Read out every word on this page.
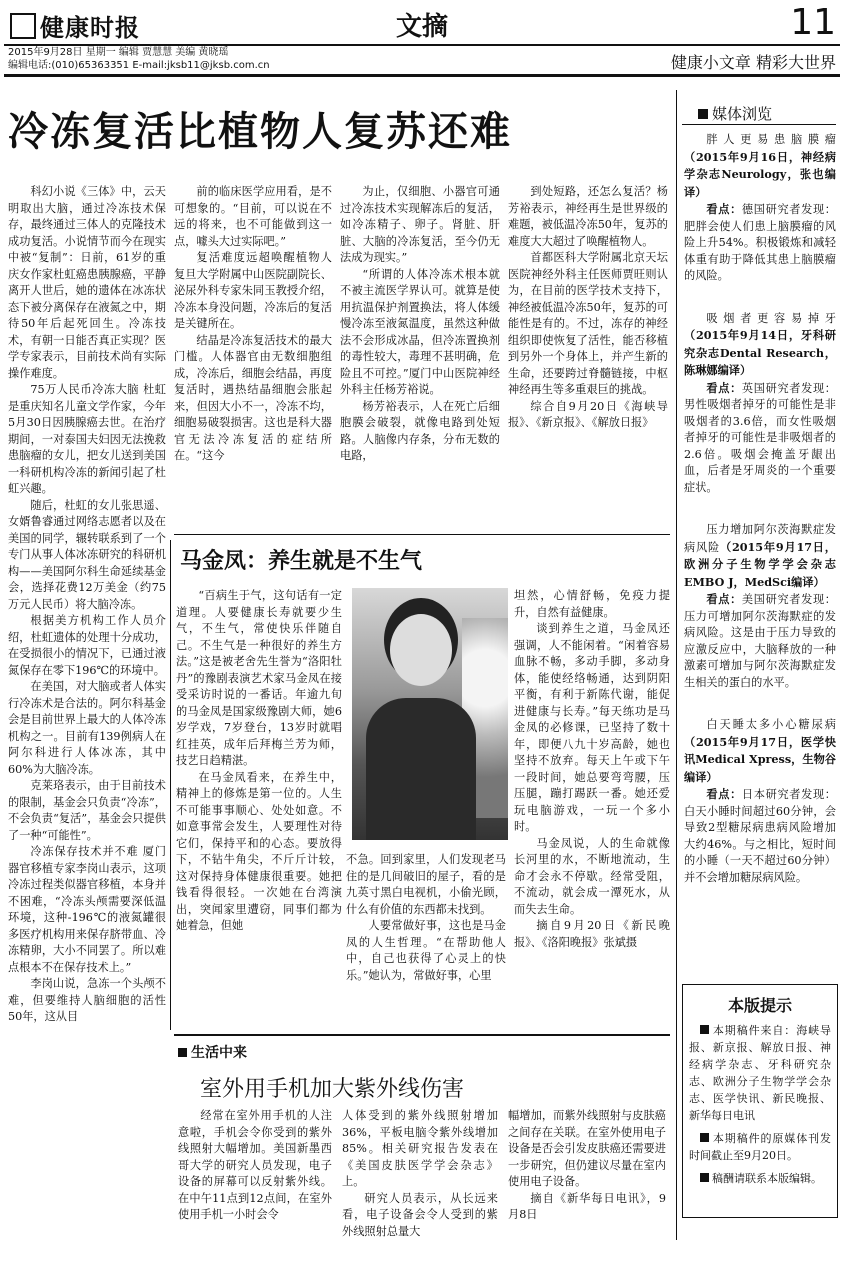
健康时报	文摘	11
2015年9月28日 星期一 编辑 贾慧慧 美编 黄晓瑶
编辑电话:(010)65363351 E-mail:jksb11@jksb.com.cn	健康小文章 精彩大世界
冷冻复活比植物人复苏还难

科幻小说《三体》中，云天明取出大脑，通过冷冻技术保存，最终通过三体人的克隆技术成功复活。小说情节而今在现实中被“复制”：日前，61岁的重庆女作家杜虹癌患胰腺癌，平静离开人世后，她的遗体在冰冻状态下被分离保存在液氮之中，期待50年后起死回生。冷冻技术，有朝一日能否真正实现？医学专家表示，目前技术尚有实际操作难度。

75万人民币冷冻大脑 杜虹是重庆知名儿童文学作家，今年5月30日因胰腺癌去世。在治疗期间，一对泰国夫妇因无法挽救患脑瘤的女儿，把女儿送到美国一科研机构冷冻的新闻引起了杜虹兴趣。

随后，杜虹的女儿张思遥、女婿鲁睿通过网络志愿者以及在美国的同学，辗转联系到了一个专门从事人体冰冻研究的科研机构——美国阿尔科生命延续基金会，选择花费12万美金（约75万元人民币）将大脑冷冻。

根据美方机构工作人员介绍，杜虹遗体的处理十分成功，在受损很小的情况下，已通过液氮保存在零下196℃的环境中。

在美国，对大脑或者人体实行冷冻术是合法的。阿尔科基金会是目前世界上最大的人体冷冻机构之一。目前有139例病人在阿尔科进行人体冰冻，其中60%为大脑冷冻。

克莱珞表示，由于目前技术的限制，基金会只负责“冷冻”，不会负责“复活”，基金会只提供了一种“可能性”。

冷冻保存技术并不难 厦门器官移植专家李岗山表示，这项冷冻过程类似器官移植，本身并不困难，“冷冻头颅需要深低温环境，这种-196℃的液氮罐很多医疗机构用来保存脐带血、冷冻精卵，大小不同罢了。所以难点根本不在保存技术上。”

李岗山说，急冻一个头颅不难，但要维持人脑细胞的活性50年，这从目

前的临床医学应用看，是不可想象的。“目前，可以说在不远的将来，也不可能做到这一点，噱头大过实际吧。”

复活难度远超唤醒植物人 复旦大学附属中山医院副院长、泌尿外科专家朱同玉教授介绍，冷冻本身没问题，冷冻后的复活是关键所在。

结晶是冷冻复活技术的最大门槛。人体器官由无数细胞组成，冷冻后，细胞会结晶，再度复活时，遇热结晶细胞会胀起来，但因大小不一，冷冻不均，细胞易破裂损害。这也是科大器官无法冷冻复活的症结所在。“这今

为止，仅细胞、小器官可通过冷冻技术实现解冻后的复活，如冷冻精子、卵子。肾脏、肝脏、大脑的冷冻复活，至今仍无法成为现实。”

“所谓的人体冷冻术根本就不被主流医学界认可。就算是使用抗温保护剂置换法，将人体缓慢冷冻至液氮温度，虽然这种做法不会形成冰晶，但冷冻置换剂的毒性较大，毒理不甚明确，危险且不可控。”厦门中山医院神经外科主任杨芳裕说。

杨芳裕表示，人在死亡后细胞膜会破裂，就像电路到处短路。人脑像内存条，分布无数的电路，

到处短路，还怎么复活？杨芳裕表示，神经再生是世界级的难题，被低温冷冻50年，复苏的难度大大超过了唤醒植物人。

首都医科大学附属北京天坛医院神经外科主任医师贾旺则认为，在目前的医学技术支持下，神经被低温冷冻50年，复苏的可能性是有的。不过，冻存的神经组织即使恢复了活性，能否移植到另外一个身体上，并产生新的生命，还要跨过脊髓链接，中枢神经再生等多重艰巨的挑战。

综合自9月20日《海峡导报》、《新京报》、《解放日报》

马金凤：养生就是不生气

“百病生于气，这句话有一定道理。人要健康长寿就要少生气，不生气，常使快乐伴随自己。不生气是一种很好的养生方法。”这是被老舍先生誉为“洛阳牡丹”的豫剧表演艺术家马金凤在接受采访时说的一番话。年逾九旬的马金凤是国家级豫剧大师，她6岁学戏，7岁登台，13岁时就唱红挂英，成年后拜梅兰芳为师，技艺日趋精湛。

在马金凤看来，在养生中，精神上的修炼是第一位的。人生不可能事事顺心、处处如意。不如意事常会发生，人要理性对待它们，保持平和的心态。要放得下，不钻牛角尖，不斤斤计较，这对保持身体健康很重要。她把钱看得很轻。一次她在台湾演出，突闻家里遭窃，同事们都为她着急，但她

不急。回到家里，人们发现老马住的是几间破旧的屋子，看的是九英寸黑白电视机，小偷光顾，什么有价值的东西都未找到。

人要常做好事，这也是马金凤的人生哲理。“在帮助他人中，自己也获得了心灵上的快乐。”她认为，常做好事，心里

坦然，心情舒畅，免疫力提升，自然有益健康。

谈到养生之道，马金凤还强调，人不能闲着。“闲着容易血脉不畅，多动手脚，多动身体，能使经络畅通，达到阴阳平衡，有利于新陈代谢，能促进健康与长寿。”每天练功是马金凤的必修课，已坚持了数十年，即便八九十岁高龄，她也坚持不放弃。每天上午或下午一段时间，她总要弯弯腰，压压腿，蹦打踢跃一番。她还爱玩电脑游戏，一玩一个多小时。

马金凤说，人的生命就像长河里的水，不断地流动，生命才会永不停歇。经常受阻，不流动，就会成一潭死水，从而失去生命。

摘自9月20日《新民晚报》、《洛阳晚报》张斌摄

生活中来
室外用手机加大紫外线伤害

经常在室外用手机的人注意啦，手机会令你受到的紫外线照射大幅增加。美国新墨西哥大学的研究人员发现，电子设备的屏幕可以反射紫外线。在中午11点到12点间，在室外使用手机一小时会令

人体受到的紫外线照射增加36%，平板电脑令紫外线增加85%。相关研究报告发表在《美国皮肤医学学会杂志》上。

研究人员表示，从长远来看，电子设备会令人受到的紫外线照射总量大

幅增加，而紫外线照射与皮肤癌之间存在关联。在室外使用电子设备是否会引发皮肤癌还需要进一步研究，但仍建议尽量在室内使用电子设备。

摘自《新华每日电讯》，9月8日

媒体浏览

胖人更易患脑膜瘤（2015年9月16日，神经病学杂志Neurology，张也编译）

看点：德国研究者发现：肥胖会使人们患上脑膜瘤的风险上升54%。积极锻炼和减轻体重有助于降低其患上脑膜瘤的风险。

吸烟者更容易掉牙（2015年9月14日，牙科研究杂志Dental Research，陈琳娜编译）

看点：英国研究者发现：男性吸烟者掉牙的可能性是非吸烟者的3.6倍，而女性吸烟者掉牙的可能性是非吸烟者的2.6倍。吸烟会掩盖牙龈出血，后者是牙周炎的一个重要症状。

压力增加阿尔茨海默症发病风险（2015年9月17日，欧洲分子生物学学会杂志EMBO J，MedSci编译）

看点：美国研究者发现：压力可增加阿尔茨海默症的发病风险。这是由于压力导致的应激反应中，大脑释放的一种激素可增加与阿尔茨海默症发生相关的蛋白的水平。

白天睡太多小心糖尿病（2015年9月17日，医学快讯Medical Xpress，生物谷编译）

看点：日本研究者发现：白天小睡时间超过60分钟，会导致2型糖尿病患病风险增加大约46%。与之相比，短时间的小睡（一天不超过60分钟）并不会增加糖尿病风险。

本版提示

本期稿件来自：海峡导报、新京报、解放日报、神经病学杂志、牙科研究杂志、欧洲分子生物学学会杂志、医学快讯、新民晚报、新华每日电讯

本期稿件的原媒体刊发时间截止至9月20日。

稿酬请联系本版编辑。
